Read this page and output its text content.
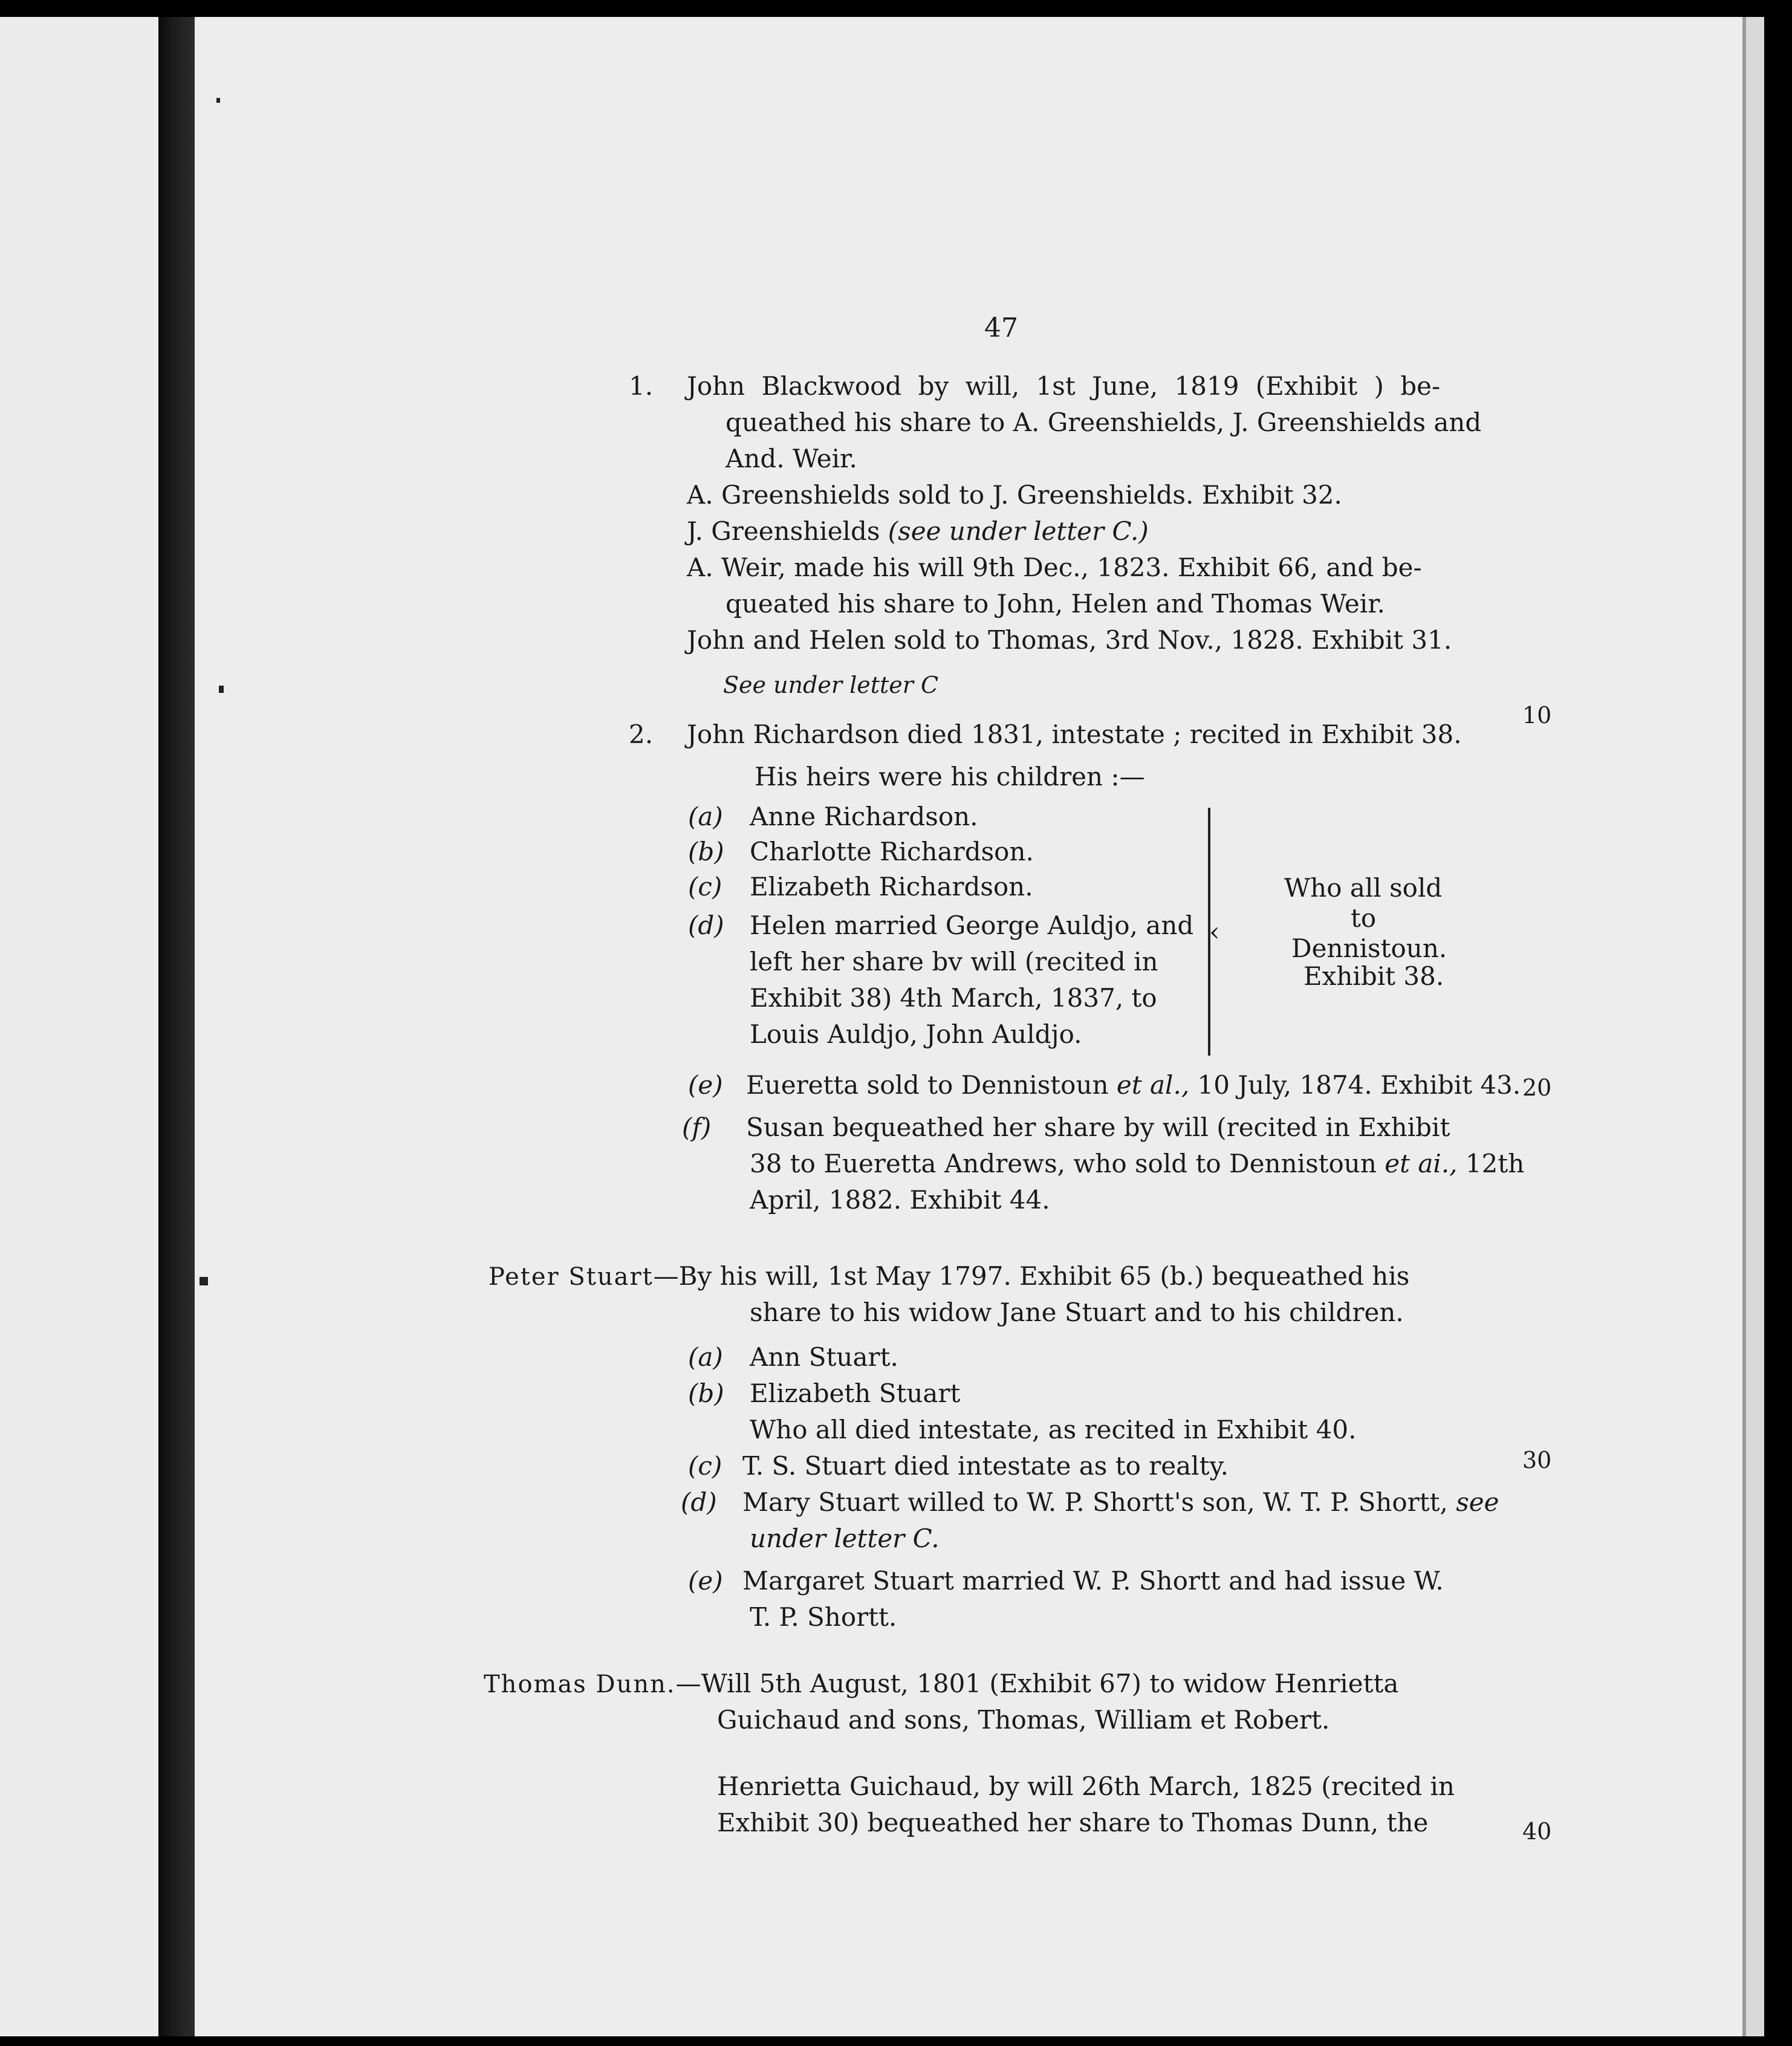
47
1. John Blackwood by will, 1st June, 1819 (Exhibit ) be-
queathed his share to A. Greenshields, J. Greenshields and
And. Weir.
A. Greenshields sold to J. Greenshields. Exhibit 32.
J. Greenshields (see under letter C.)
A. Weir, made his will 9th Dec., 1823. Exhibit 66, and be-
queated his share to John, Helen and Thomas Weir.
John and Helen sold to Thomas, 3rd Nov., 1828. Exhibit 31.
See under letter C
10
20
30
40
2. John Richardson died 1831, intestate ; recited in Exhibit 38.
His heirs were his children :—
(a) Anne Richardson.
(b) Charlotte Richardson.
(c) Elizabeth Richardson.
(d) Helen married George Auldjo, and
left her share bv will (recited in
Exhibit 38) 4th March, 1837, to
Louis Auldjo, John Auldjo.
‹
Who all sold
to
Dennistoun.
Exhibit 38.
(e) Eueretta sold to Dennistoun et al., 10 July, 1874. Exhibit 43.
(f) Susan bequeathed her share by will (recited in Exhibit
38 to Eueretta Andrews, who sold to Dennistoun et ai., 12th
April, 1882. Exhibit 44.
Peter Stuart—By his will, 1st May 1797. Exhibit 65 (b.) bequeathed his
share to his widow Jane Stuart and to his children.
(a) Ann Stuart.
(b) Elizabeth Stuart
Who all died intestate, as recited in Exhibit 40.
(c) T. S. Stuart died intestate as to realty.
(d) Mary Stuart willed to W. P. Shortt's son, W. T. P. Shortt, see
under letter C.
(e) Margaret Stuart married W. P. Shortt and had issue W.
T. P. Shortt.
Thomas Dunn.—Will 5th August, 1801 (Exhibit 67) to widow Henrietta
Guichaud and sons, Thomas, William et Robert.
Henrietta Guichaud, by will 26th March, 1825 (recited in
Exhibit 30) bequeathed her share to Thomas Dunn, the
